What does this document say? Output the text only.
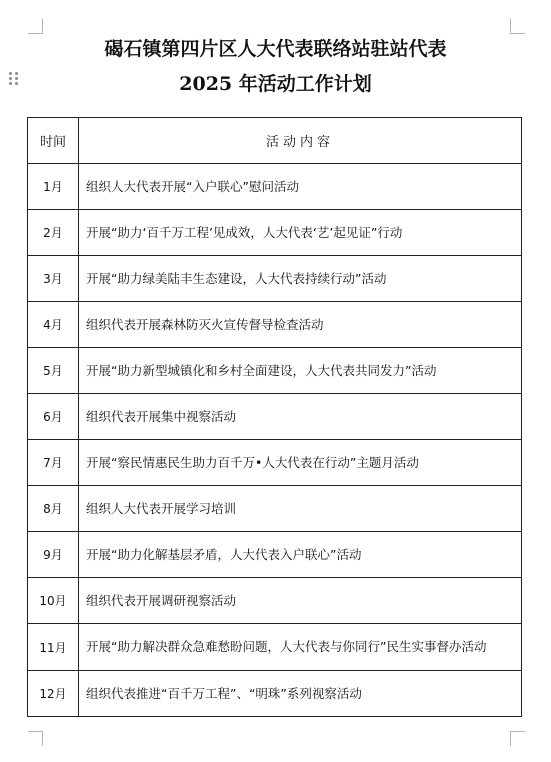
碣石镇第四片区人大代表联络站驻站代表
2025 年活动工作计划
时间	活动内容
1月	组织人大代表开展“入户联心”慰问活动
2月	开展“助力‘百千万工程’见成效，人大代表‘艺’起见证”行动
3月	开展“助力绿美陆丰生态建设，人大代表持续行动”活动
4月	组织代表开展森林防灭火宣传督导检查活动
5月	开展“助力新型城镇化和乡村全面建设，人大代表共同发力”活动
6月	组织代表开展集中视察活动
7月	开展“察民情惠民生助力百千万•人大代表在行动”主题月活动
8月	组织人大代表开展学习培训
9月	开展“助力化解基层矛盾，人大代表入户联心”活动
10月	组织代表开展调研视察活动
11月	开展“助力解决群众急难愁盼问题，人大代表与你同行”民生实事督办活动
12月	组织代表推进“百千万工程”、“明珠”系列视察活动
